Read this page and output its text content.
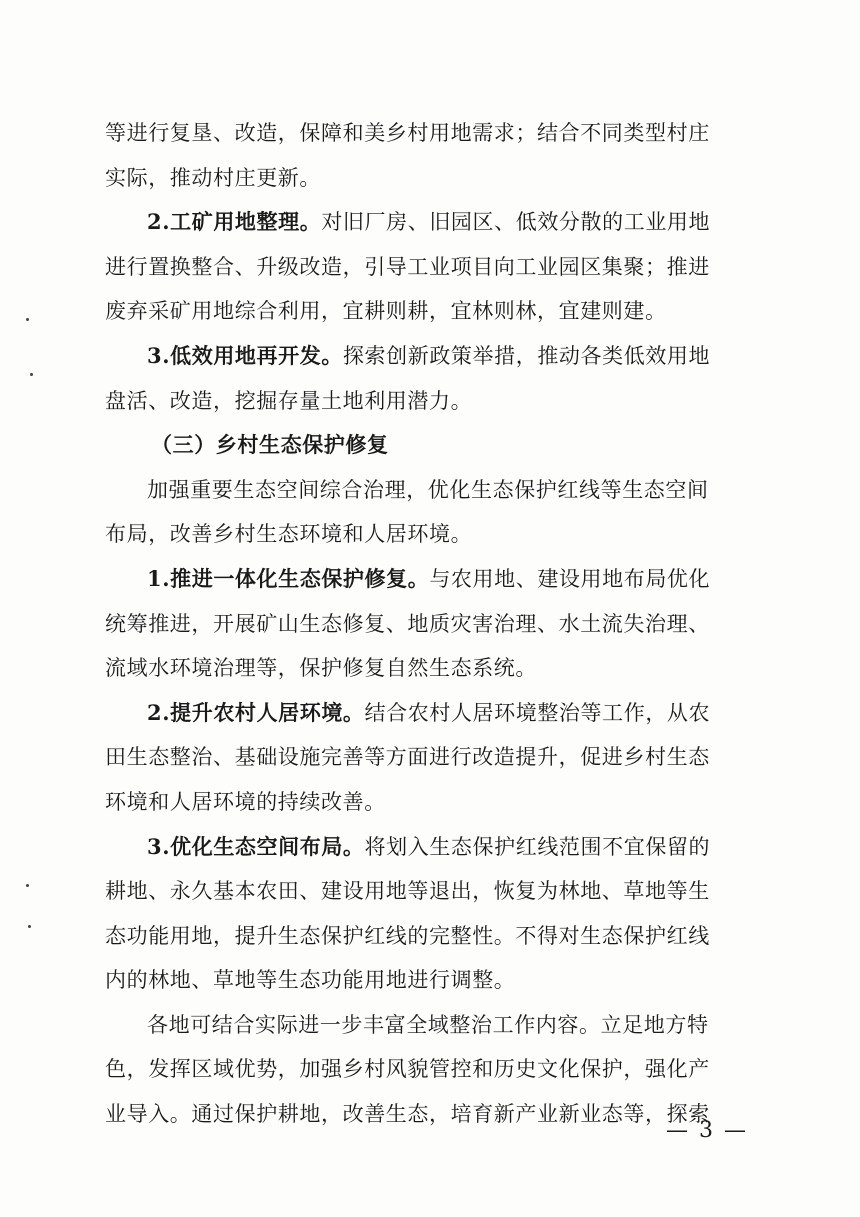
等进行复垦、改造，保障和美乡村用地需求；结合不同类型村庄
实际，推动村庄更新。
2.工矿用地整理。对旧厂房、旧园区、低效分散的工业用地
进行置换整合、升级改造，引导工业项目向工业园区集聚；推进
废弃采矿用地综合利用，宜耕则耕，宜林则林，宜建则建。
3.低效用地再开发。探索创新政策举措，推动各类低效用地
盘活、改造，挖掘存量土地利用潜力。
（三）乡村生态保护修复
加强重要生态空间综合治理，优化生态保护红线等生态空间
布局，改善乡村生态环境和人居环境。
1.推进一体化生态保护修复。与农用地、建设用地布局优化
统筹推进，开展矿山生态修复、地质灾害治理、水土流失治理、
流域水环境治理等，保护修复自然生态系统。
2.提升农村人居环境。结合农村人居环境整治等工作，从农
田生态整治、基础设施完善等方面进行改造提升，促进乡村生态
环境和人居环境的持续改善。
3.优化生态空间布局。将划入生态保护红线范围不宜保留的
耕地、永久基本农田、建设用地等退出，恢复为林地、草地等生
态功能用地，提升生态保护红线的完整性。不得对生态保护红线
内的林地、草地等生态功能用地进行调整。
各地可结合实际进一步丰富全域整治工作内容。立足地方特
色，发挥区域优势，加强乡村风貌管控和历史文化保护，强化产
业导入。通过保护耕地，改善生态，培育新产业新业态等，探索
— 3 —
